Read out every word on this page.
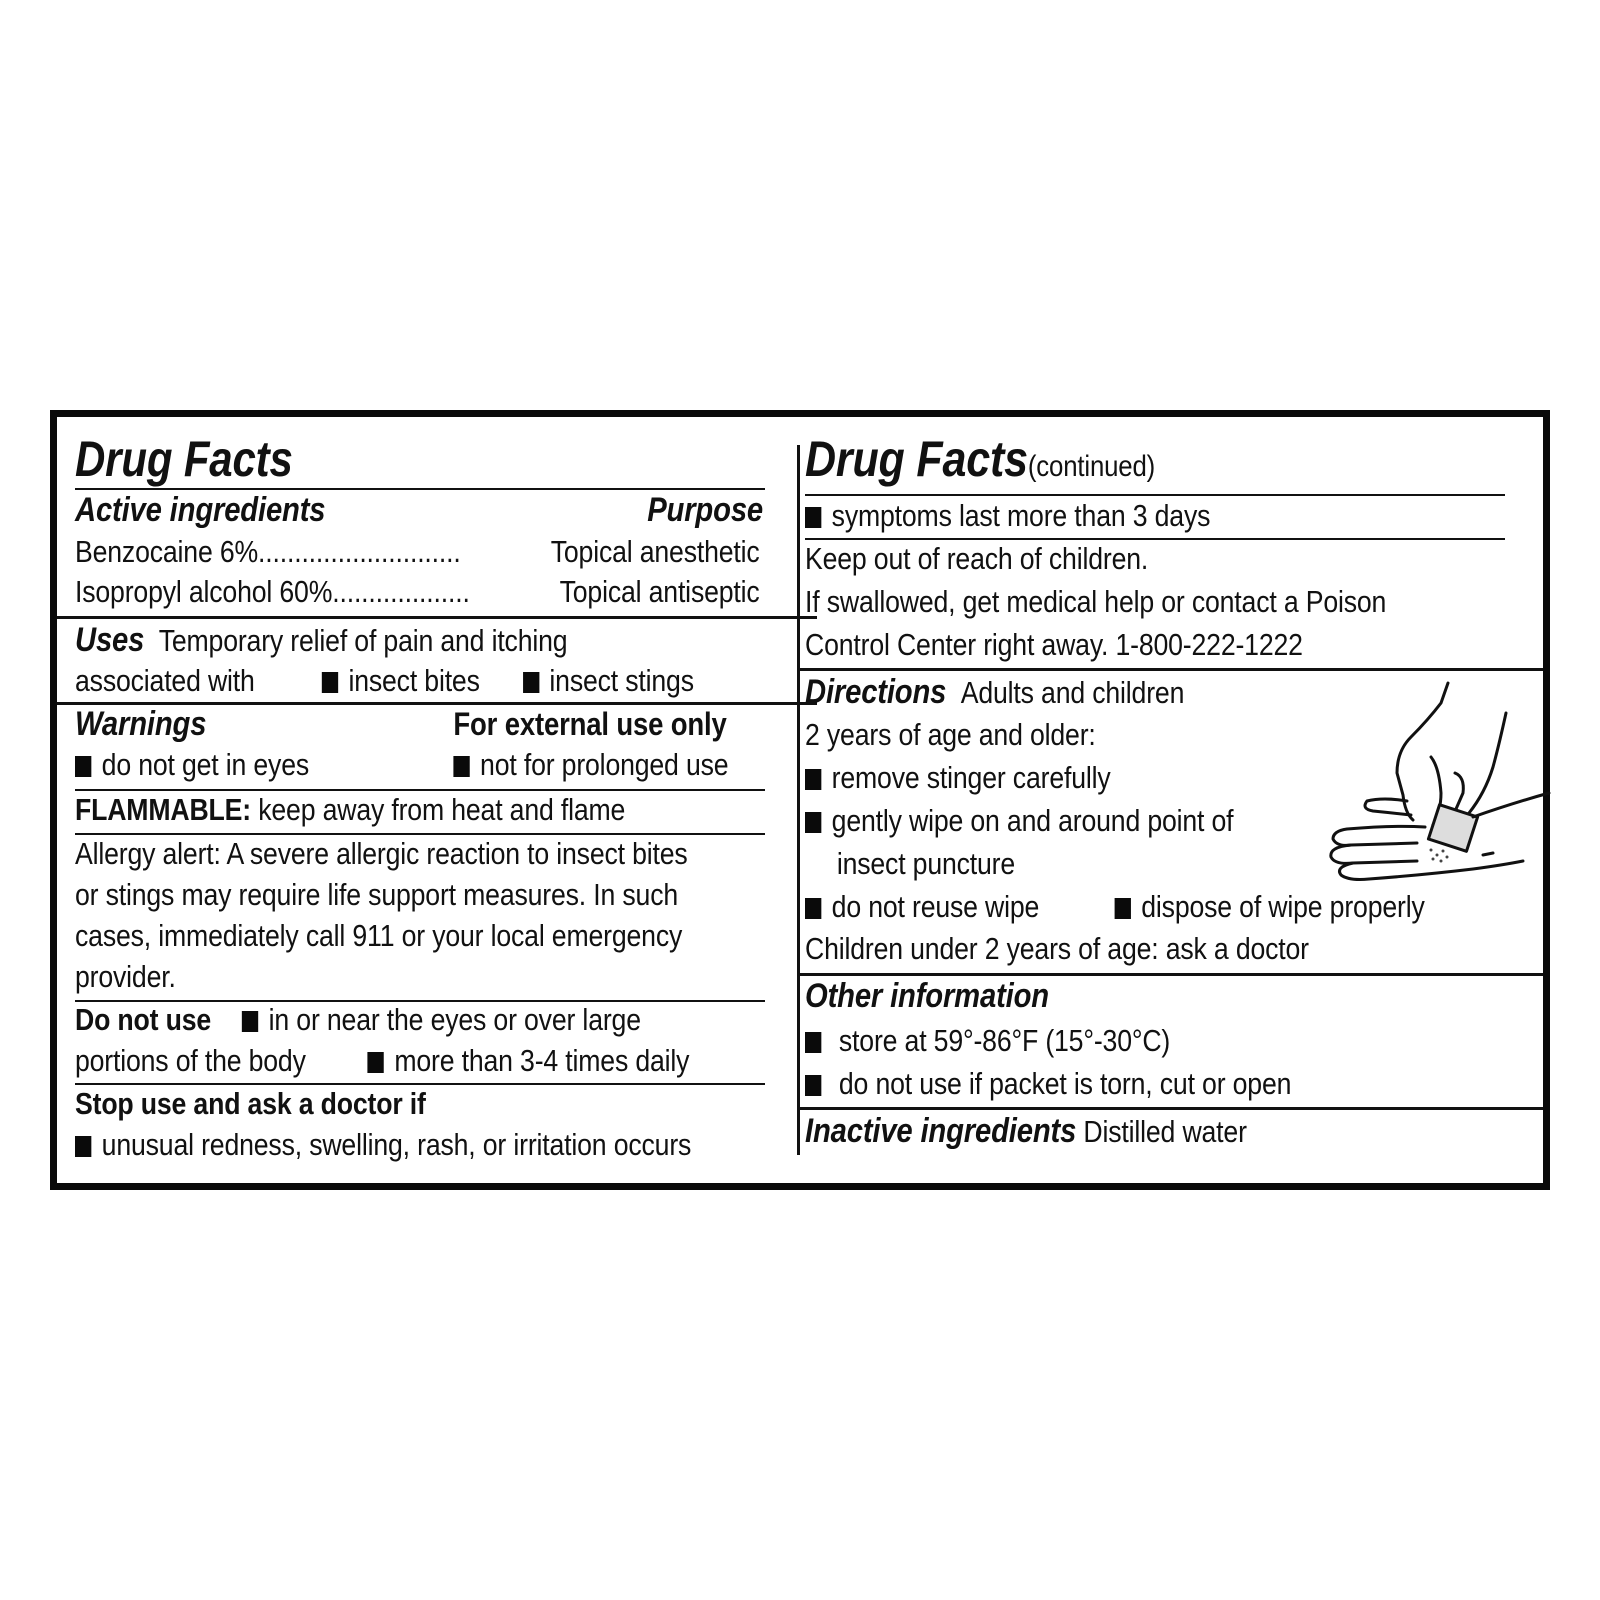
Drug Facts
Active ingredients	Purpose
Benzocaine 6%............................	Topical anesthetic
Isopropyl alcohol 60%...................	Topical antiseptic
Uses Temporary relief of pain and itching
associated with	insect bites insect stings
Warnings	For external use only
do not get in eyes	not for prolonged use
FLAMMABLE: keep away from heat and flame
Allergy alert: A severe allergic reaction to insect bites
or stings may require life support measures. In such
cases, immediately call 911 or your local emergency
provider.
Do not use in or near the eyes or over large
portions of the body	more than 3-4 times daily
Stop use and ask a doctor if
unusual redness, swelling, rash, or irritation occurs
Drug Facts(continued)
symptoms last more than 3 days
Keep out of reach of children.
If swallowed, get medical help or contact a Poison
Control Center right away. 1-800-222-1222
Directions Adults and children
2 years of age and older:
remove stinger carefully
gently wipe on and around point of
insect puncture
do not reuse wipe	dispose of wipe properly
Children under 2 years of age: ask a doctor
Other information
store at 59°-86°F (15°-30°C)
do not use if packet is torn, cut or open
Inactive ingredients Distilled water
